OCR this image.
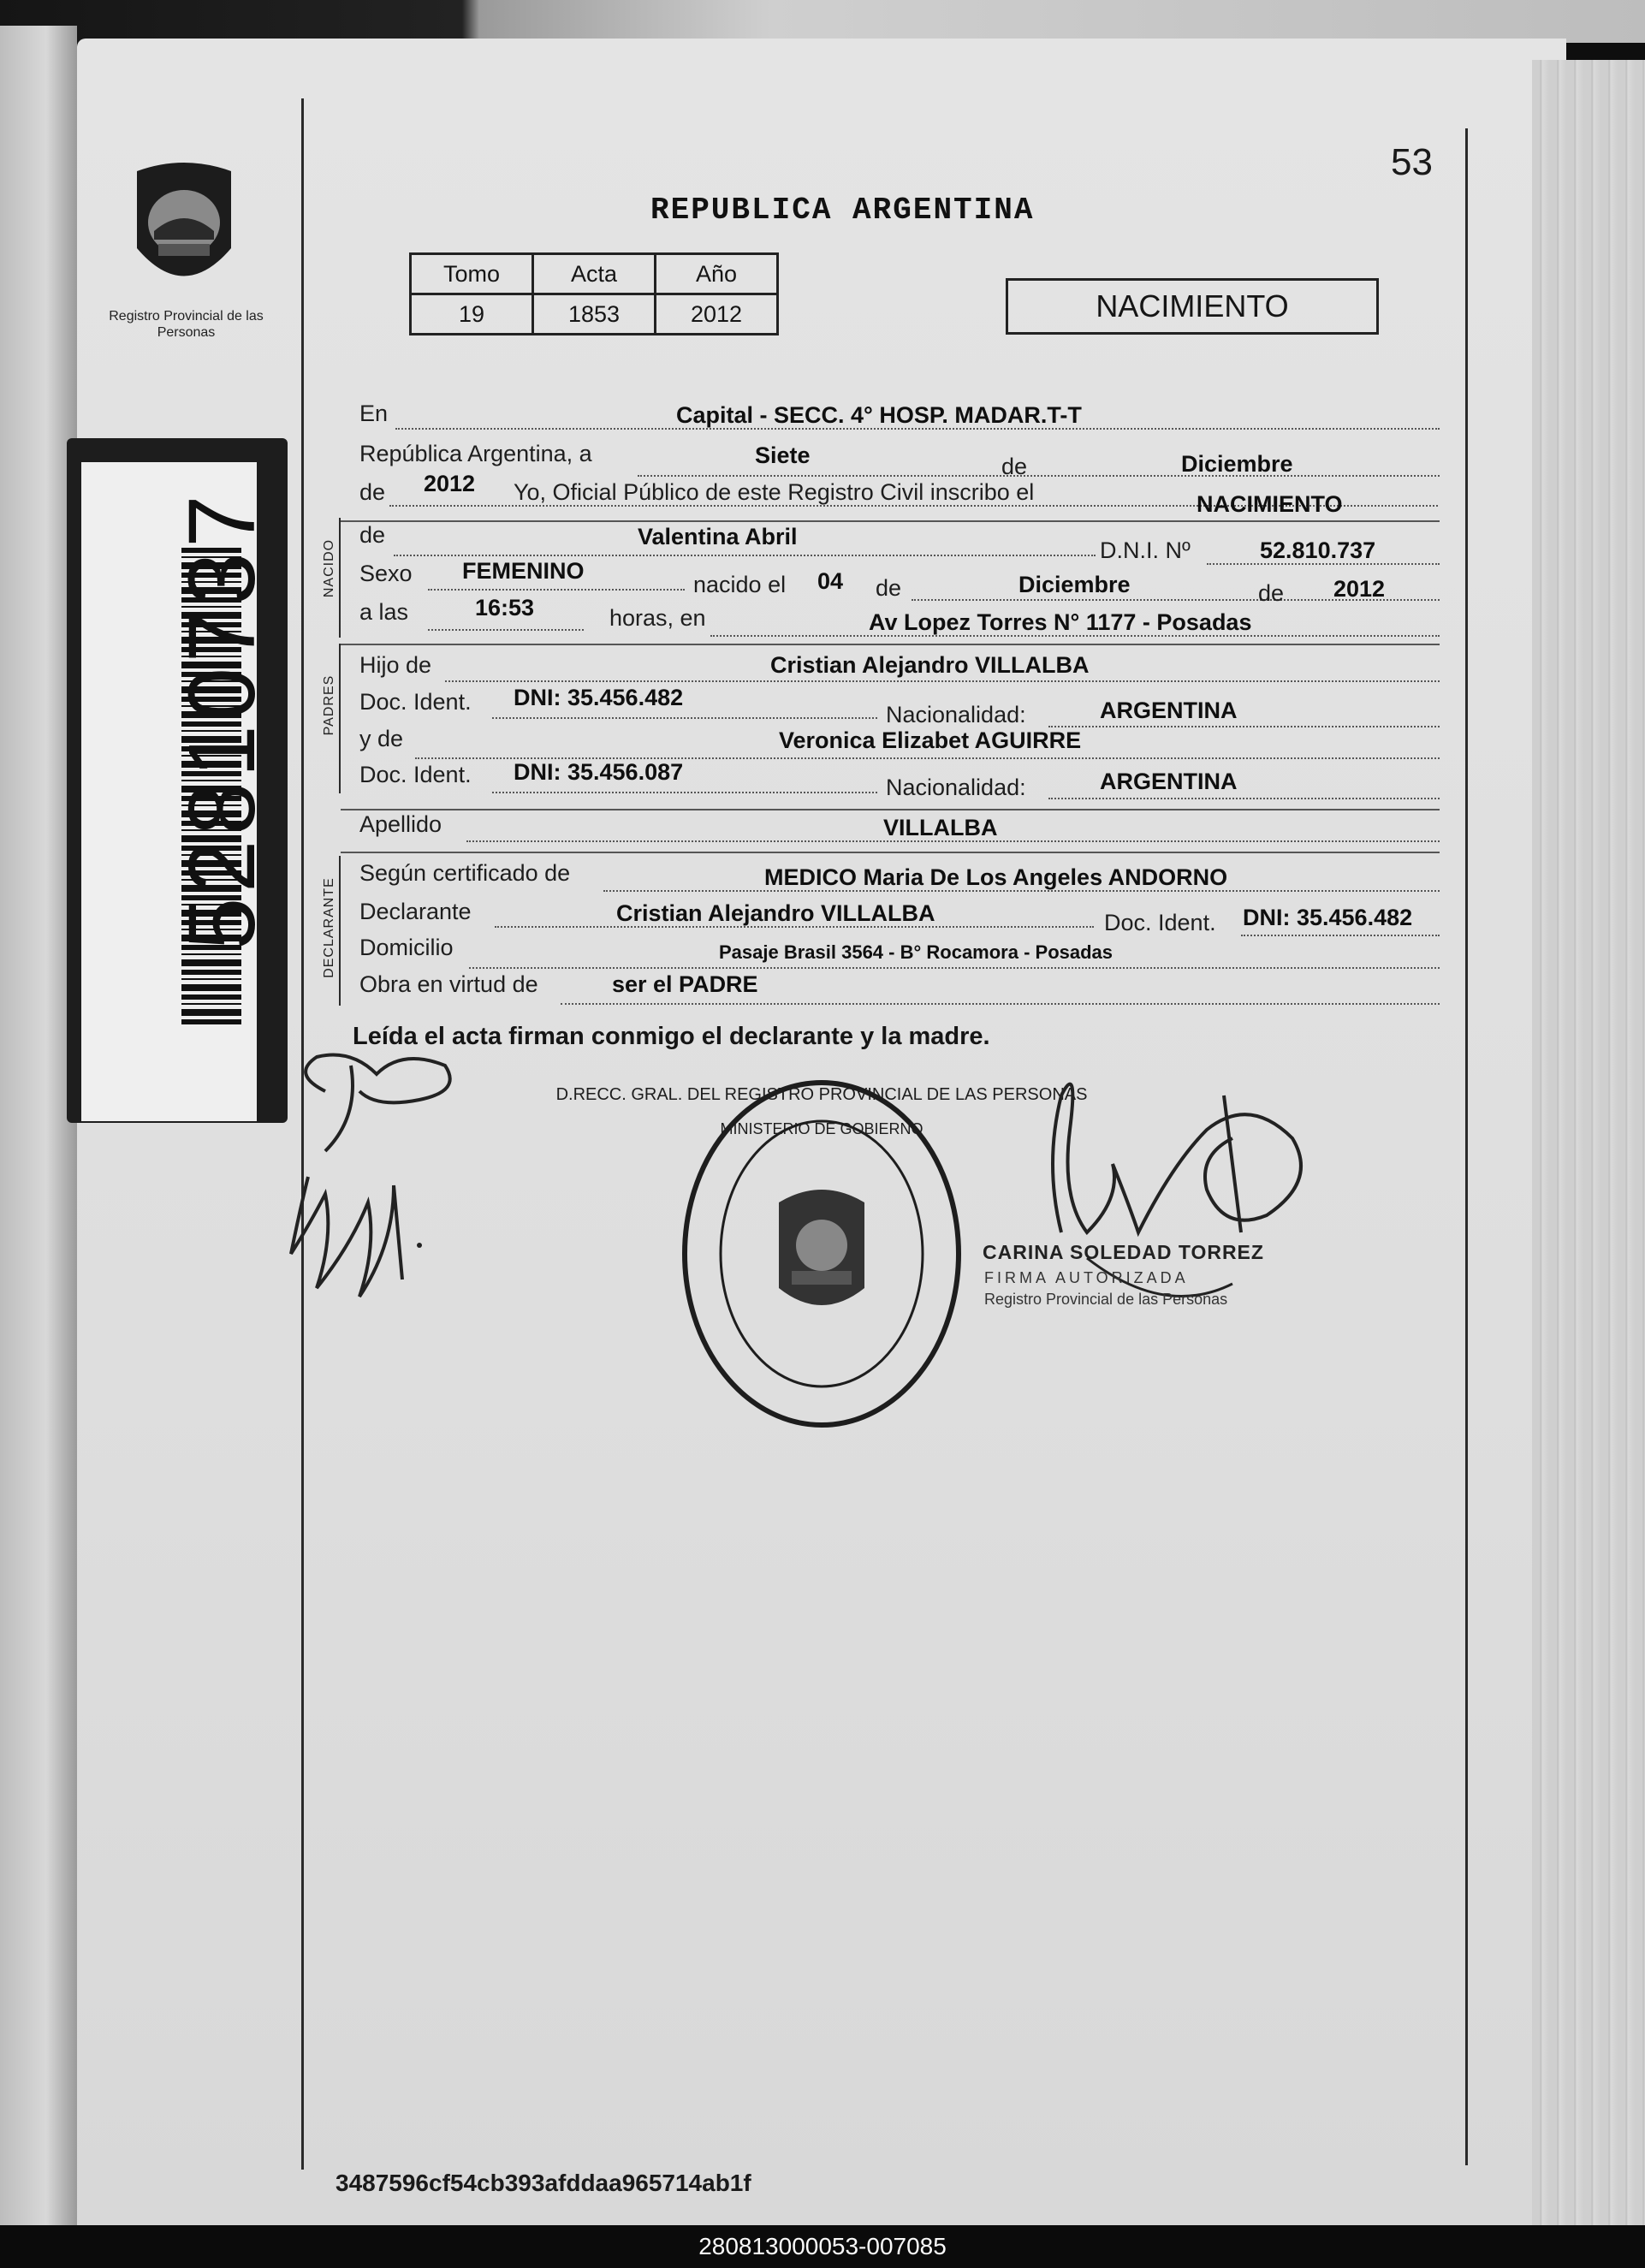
Registro Provincial de las Personas
53
REPUBLICA ARGENTINA
Tomo	Acta	Año
19	1853	2012	NACIMIENTO
En	Capital - SECC. 4° HOSP. MADAR.T-T
República Argentina, a	Siete	de	Diciembre
de 2012 Yo, Oficial Público de este Registro Civil inscribo el	NACIMIENTO
NACIDO
de	Valentina Abril
D.N.I. Nº	52.810.737
Sexo FEMENINO
nacido el 04 de	Diciembre	de 2012
a las	16:53	horas, en	Av Lopez Torres N° 1177 - Posadas
PADRES
Hijo de	Cristian Alejandro VILLALBA
Doc. Ident. DNI: 35.456.482
Nacionalidad:	ARGENTINA
y de	Veronica Elizabet AGUIRRE
Doc. Ident. DNI: 35.456.087
Nacionalidad:	ARGENTINA
Apellido	VILLALBA
DECLARANTE
Según certificado de	MEDICO Maria De Los Angeles ANDORNO
Declarante	Cristian Alejandro VILLALBA	Doc. Ident. DNI: 35.456.482
Domicilio	Pasaje Brasil 3564 - B° Rocamora - Posadas
Obra en virtud de	ser el PADRE
Leída el acta firman conmigo el declarante y la madre.
D.RECC. GRAL. DEL REGISTRO PROVINCIAL DE LAS PERSONAS
MINISTERIO DE GOBIERNO
CARINA SOLEDAD TORREZ
FIRMA AUTORIZADA
Registro Provincial de las Personas
3487596cf54cb393afddaa965714ab1f
280813000053-007085
